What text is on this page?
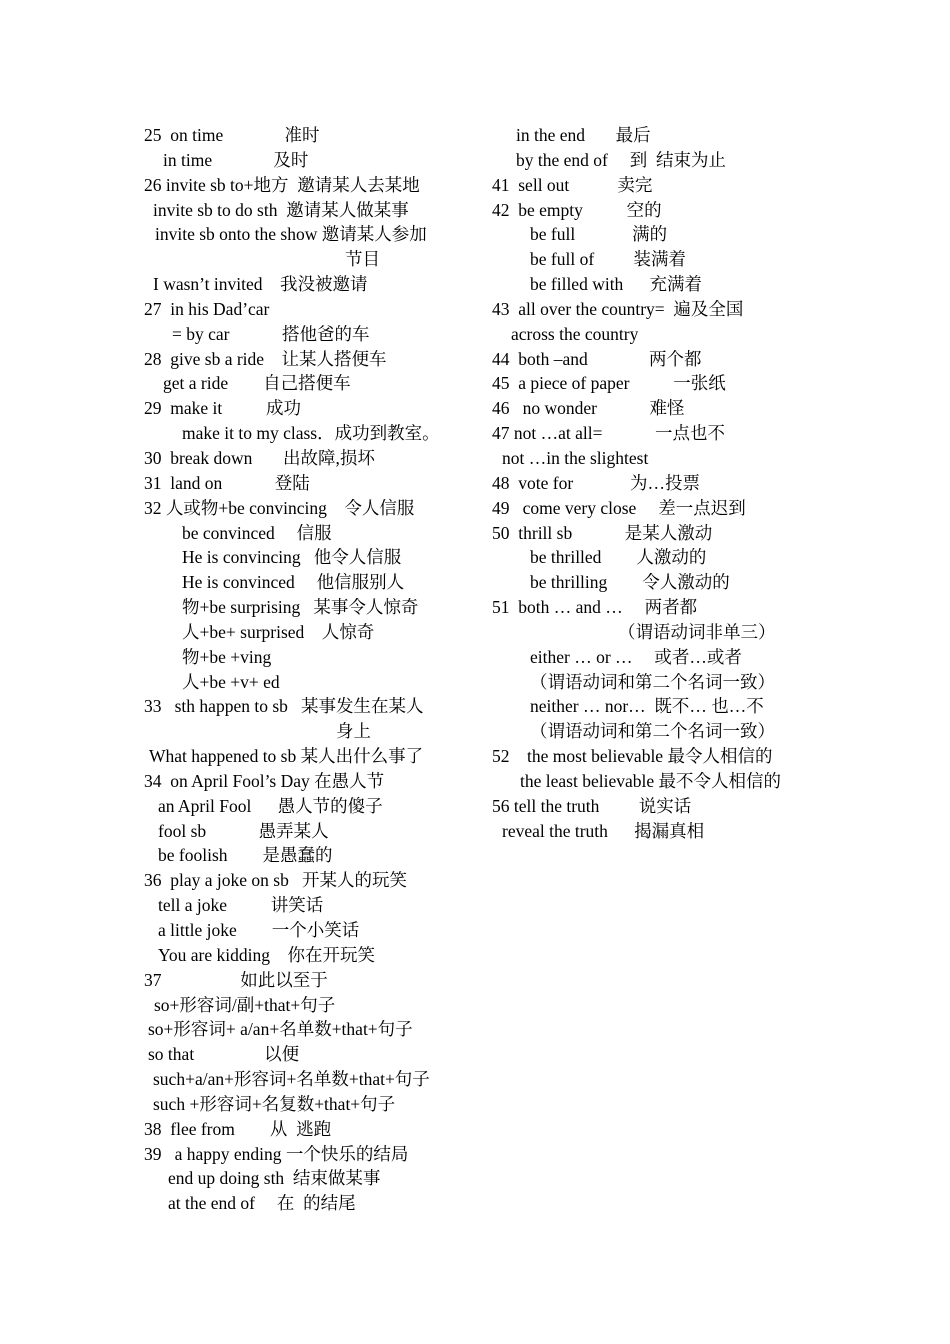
25  on time              准时
in time              及时
26 invite sb to+地方  邀请某人去某地
invite sb to do sth  邀请某人做某事
invite sb onto the show 邀请某人参加
节目
I wasn’t invited    我没被邀请
27  in his Dad’car
= by car            搭他爸的车
28  give sb a ride    让某人搭便车
get a ride        自己搭便车
29  make it          成功
make it to my class．成功到教室。
30  break down       出故障,损坏
31  land on            登陆
32 人或物+be convincing    令人信服
be convinced     信服
He is convincing   他令人信服
He is convinced     他信服别人
物+be surprising   某事令人惊奇
人+be+ surprised    人惊奇
物+be +ving
人+be +v+ ed
33   sth happen to sb   某事发生在某人
身上
What happened to sb 某人出什么事了
34  on April Fool’s Day 在愚人节
an April Fool      愚人节的傻子
fool sb            愚弄某人
be foolish        是愚蠢的
36  play a joke on sb   开某人的玩笑
tell a joke          讲笑话
a little joke        一个小笑话
You are kidding    你在开玩笑
37                  如此以至于
so+形容词/副+that+句子
so+形容词+ a/an+名单数+that+句子
so that                以便
such+a/an+形容词+名单数+that+句子
such +形容词+名复数+that+句子
38  flee from        从  逃跑
39   a happy ending 一个快乐的结局
end up doing sth  结束做某事
at the end of     在  的结尾
in the end       最后
by the end of     到  结束为止
41  sell out           卖完
42  be empty          空的
be full             满的
be full of         装满着
be filled with      充满着
43  all over the country=  遍及全国
across the country
44  both –and              两个都
45  a piece of paper          一张纸
46   no wonder            难怪
47 not …at all=            一点也不
not …in the slightest
48  vote for             为…投票
49   come very close     差一点迟到
50  thrill sb            是某人激动
be thrilled        人激动的
be thrilling        令人激动的
51  both … and …     两者都
（谓语动词非单三）
either … or …     或者…或者
（谓语动词和第二个名词一致）
neither … nor…  既不… 也…不
（谓语动词和第二个名词一致）
52    the most believable 最令人相信的
the least believable 最不令人相信的
56 tell the truth         说实话
reveal the truth      揭漏真相
